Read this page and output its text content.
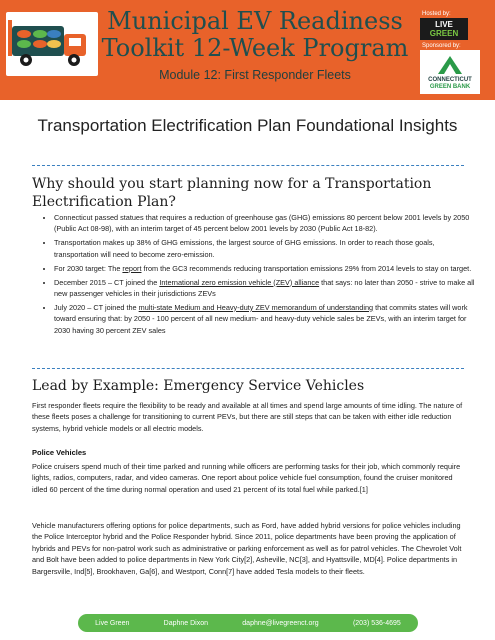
Municipal EV Readiness Toolkit 12-Week Program
Module 12: First Responder Fleets
Hosted by:
LIVE
GREEN
Sponsored by:
CONNECTICUT
GREEN BANK
Transportation Electrification Plan Foundational Insights
Why should you start planning now for a Transportation Electrification Plan?
• Connecticut passed statues that requires a reduction of greenhouse gas (GHG) emissions 80 percent below 2001 levels by 2050 (Public Act 08-98), with an interim target of 45 percent below 2001 levels by 2030 (Public Act 18-82).
• Transportation makes up 38% of GHG emissions, the largest source of GHG emissions. In order to reach those goals, transportation will need to become zero-emission.
• For 2030 target: The report from the GC3 recommends reducing transportation emissions 29% from 2014 levels to stay on target.
• December 2015 – CT joined the International zero emission vehicle (ZEV) alliance that says: no later than 2050 - strive to make all new passenger vehicles in their jurisdictions ZEVs
• July 2020 – CT joined the multi-state Medium and Heavy-duty ZEV memorandum of understanding that commits states will work toward ensuring that: by 2050 - 100 percent of all new medium- and heavy-duty vehicle sales be ZEVs, with an interim target for 2030 having 30 percent ZEV sales
Lead by Example: Emergency Service Vehicles

First responder fleets require the flexibility to be ready and available at all times and spend large amounts of time idling. The nature of these fleets poses a challenge for transitioning to current PEVs, but there are still steps that can be taken with either idle reduction systems, hybrid vehicle models or all electric models.

Police Vehicles

Police cruisers spend much of their time parked and running while officers are performing tasks for their job, which commonly require lights, radios, computers, radar, and video cameras. One report about police vehicle fuel consumption, found the cruiser monitored idled 60 percent of the time during normal operation and used 21 percent of its total fuel while parked.[1]

Vehicle manufacturers offering options for police departments, such as Ford, have added hybrid versions for police vehicles including the Police Interceptor hybrid and the Police Responder hybrid. Since 2011, police departments have been proving the application of hybrids and PEVs for non-patrol work such as administrative or parking enforcement as well as for patrol vehicles. The Chevrolet Volt and Bolt have been added to police departments in New York City[2], Asheville, NC[3], and Hyattsville, MD[4]. Police departments in Bargersville, Ind[5], Brookhaven, Ga[6], and Westport, Conn[7] have added Tesla models to their fleets.

Live Green	Daphne Dixon	daphne@livegreenct.org	(203) 536-4695
